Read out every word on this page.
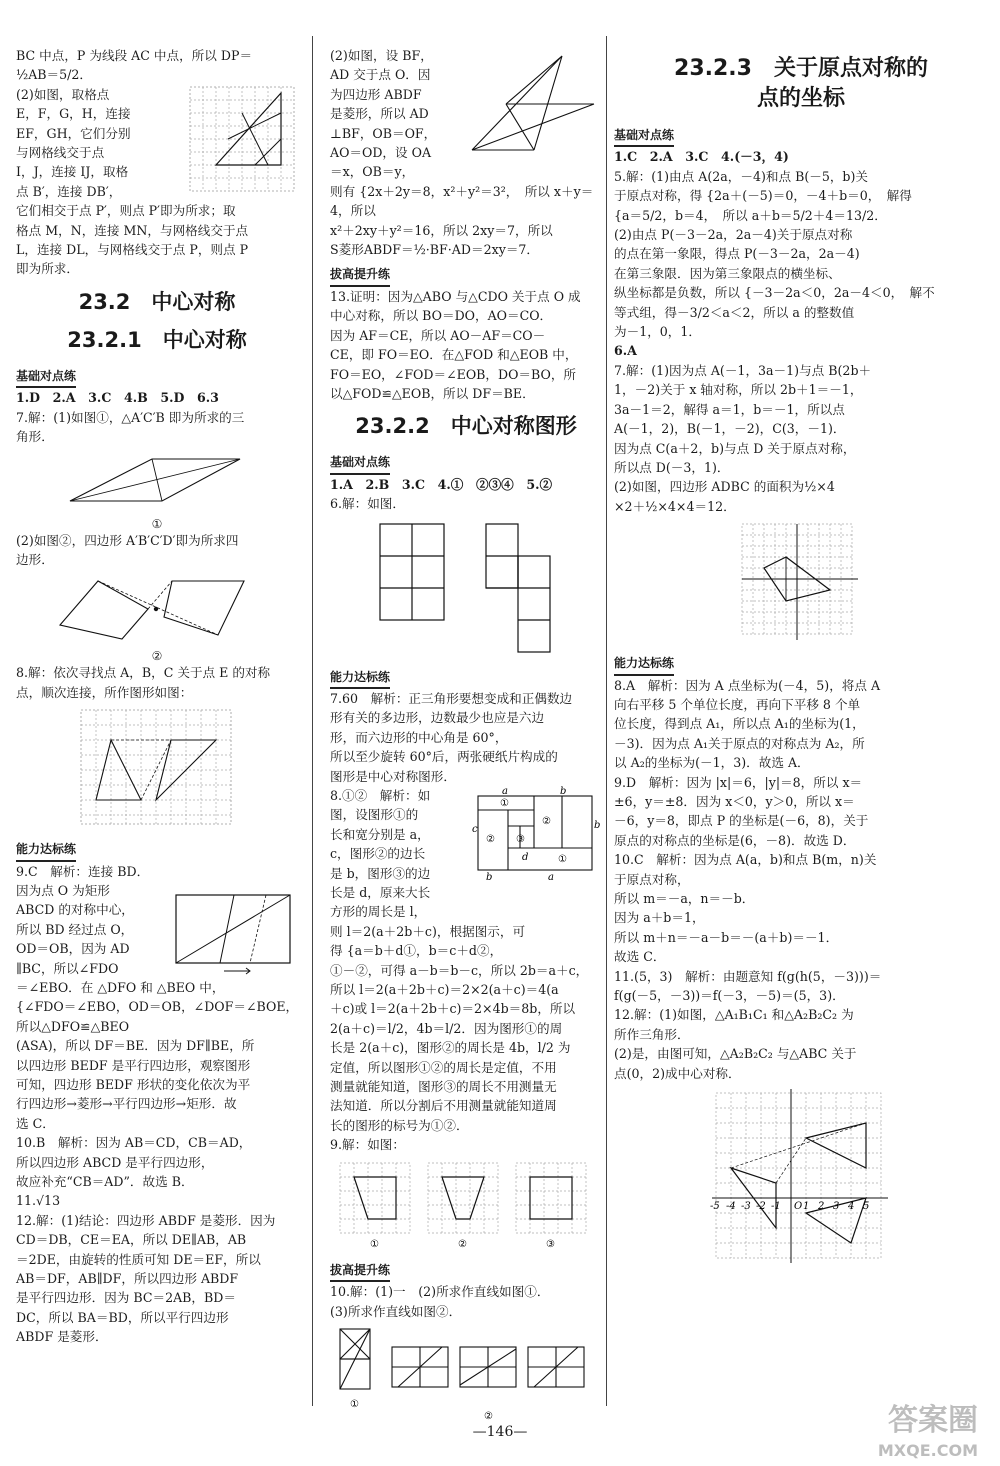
BC 中点，P 为线段 AC 中点，所以 DP＝

½AB＝5/2．

(2)如图，取格点

E，F，G，H，连接

EF，GH，它们分别

与网格线交于点

I，J，连接 IJ，取格

点 B′，连接 DB′，

它们相交于点 P′，则点 P′即为所求；取

格点 M，N，连接 MN，与网格线交于点

L，连接 DL，与网格线交于点 P，则点 P

即为所求．

23.2　中心对称
23.2.1　中心对称
基础对点练

1.D　2.A　3.C　4.B　5.D　6.3

7.解：(1)如图①，△A′C′B 即为所求的三

角形．

①

(2)如图②，四边形 A′B′C′D′即为所求四

边形．

②

8.解：依次寻找点 A，B，C 关于点 E 的对称

点，顺次连接，所作图形如图：

能力达标练

9.C　解析：连接 BD．

因为点 O 为矩形

ABCD 的对称中心，

所以 BD 经过点 O，

OD＝OB，因为 AD

∥BC，所以∠FDO

＝∠EBO．在 △DFO 和 △BEO 中，

{∠FDO＝∠EBO，OD＝OB，∠DOF＝∠BOE，　所以△DFO≌△BEO

(ASA)，所以 DF＝BE．因为 DF∥BE，所

以四边形 BEDF 是平行四边形，观察图形

可知，四边形 BEDF 形状的变化依次为平

行四边形→菱形→平行四边形→矩形．故

选 C．

10.B　解析：因为 AB＝CD，CB＝AD，

所以四边形 ABCD 是平行四边形，

故应补充“CB＝AD”．故选 B．

11.√13

12.解：(1)结论：四边形 ABDF 是菱形．因为

CD＝DB，CE＝EA，所以 DE∥AB，AB

＝2DE，由旋转的性质可知 DE＝EF，所以

AB＝DF，AB∥DF，所以四边形 ABDF

是平行四边形．因为 BC＝2AB，BD＝

DC，所以 BA＝BD，所以平行四边形

ABDF 是菱形．

(2)如图，设 BF，

AD 交于点 O．因

为四边形 ABDF

是菱形，所以 AD

⊥BF，OB＝OF，

AO＝OD，设 OA

＝x，OB＝y，

则有 {2x＋2y＝8，x²＋y²＝3²，　所以 x＋y＝4，所以

x²＋2xy＋y²＝16，所以 2xy＝7，所以

S菱形ABDF＝½·BF·AD＝2xy＝7．

拔高提升练

13.证明：因为△ABO 与△CDO 关于点 O 成

中心对称，所以 BO＝DO，AO＝CO．

因为 AF＝CE，所以 AO－AF＝CO－

CE，即 FO＝EO．在△FOD 和△EOB 中，

FO＝EO，∠FOD＝∠EOB，DO＝BO，所

以△FOD≌△EOB，所以 DF＝BE．

23.2.2　中心对称图形
基础对点练

1.A　2.B　3.C　4.①　②③④　5.②

6.解：如图．

能力达标练

7.60　解析：正三角形要想变成和正偶数边

形有关的多边形，边数最少也应是六边

形，而六边形的中心角是 60°，

所以至少旋转 60°后，两张硬纸片构成的

图形是中心对称图形．

8.①②　解析：如

图，设图形①的

长和宽分别是 a，

c，图形②的边长

是 b，图形③的边

长是 d，原来大长

方形的周长是 l，

a	b
b
c
d
b	a
①
②
② ③
①

则 l＝2(a＋2b＋c)，根据图示，可

得 {a＝b＋d①，b＝c＋d②，

①－②，可得 a－b＝b－c，所以 2b＝a＋c，

所以 l＝2(a＋2b＋c)＝2×2(a＋c)＝4(a

＋c)或 l＝2(a＋2b＋c)＝2×4b＝8b，所以

2(a＋c)＝l/2，4b＝l/2．因为图形①的周

长是 2(a＋c)，图形②的周长是 4b，l/2 为

定值，所以图形①②的周长是定值，不用

测量就能知道，图形③的周长不用测量无

法知道．所以分割后不用测量就能知道周

长的图形的标号为①②．

9.解：如图：

①	②	③
拔高提升练

10.解：(1)一　(2)所求作直线如图①．

(3)所求作直线如图②．

①
②
23.2.3　关于原点对称的
点的坐标
基础对点练

1.C　2.A　3.C　4.(－3，4)

5.解：(1)由点 A(2a，－4)和点 B(－5，b)关

于原点对称，得 {2a＋(－5)＝0，－4＋b＝0，　解得

{a＝5/2，b＝4，　所以 a＋b＝5/2＋4＝13/2．

(2)由点 P(－3－2a，2a－4)关于原点对称

的点在第一象限，得点 P(－3－2a，2a－4)

在第三象限．因为第三象限点的横坐标、

纵坐标都是负数，所以 {－3－2a＜0，2a－4＜0，　解不

等式组，得－3/2＜a＜2，所以 a 的整数值

为－1，0，1．

6.A

7.解：(1)因为点 A(－1，3a－1)与点 B(2b＋

1，－2)关于 x 轴对称，所以 2b＋1＝－1，

3a－1＝2，解得 a＝1，b＝－1，所以点

A(－1，2)，B(－1，－2)，C(3，－1)．

因为点 C(a＋2，b)与点 D 关于原点对称，

所以点 D(－3，1)．

(2)如图，四边形 ADBC 的面积为½×4

×2＋½×4×4＝12．

能力达标练

8.A　解析：因为 A 点坐标为(－4，5)，将点 A

向右平移 5 个单位长度，再向下平移 8 个单

位长度，得到点 A₁，所以点 A₁的坐标为(1，

－3)．因为点 A₁关于原点的对称点为 A₂，所

以 A₂的坐标为(－1，3)．故选 A．

9.D　解析：因为 |x|＝6，|y|＝8，所以 x＝

±6，y＝±8．因为 x＜0，y＞0，所以 x＝

－6，y＝8，即点 P 的坐标是(－6，8)，关于

原点的对称点的坐标是(6，－8)．故选 D．

10.C　解析：因为点 A(a，b)和点 B(m，n)关

于原点对称，

所以 m＝－a，n＝－b．

因为 a＋b＝1，

所以 m＋n＝－a－b＝－(a＋b)＝－1．

故选 C．

11.(5，3)　解析：由题意知 f(g(h(5，－3)))＝

f(g(－5，－3))＝f(－3，－5)＝(5，3)．

12.解：(1)如图，△A₁B₁C₁ 和△A₂B₂C₂ 为

所作三角形．

(2)是，由图可知，△A₂B₂C₂ 与△ABC 关于

点(0，2)成中心对称．

-5 -4 -3 -2 -1 O 1 2 3 4 5
—146—	答案圈
MXQE.COM
